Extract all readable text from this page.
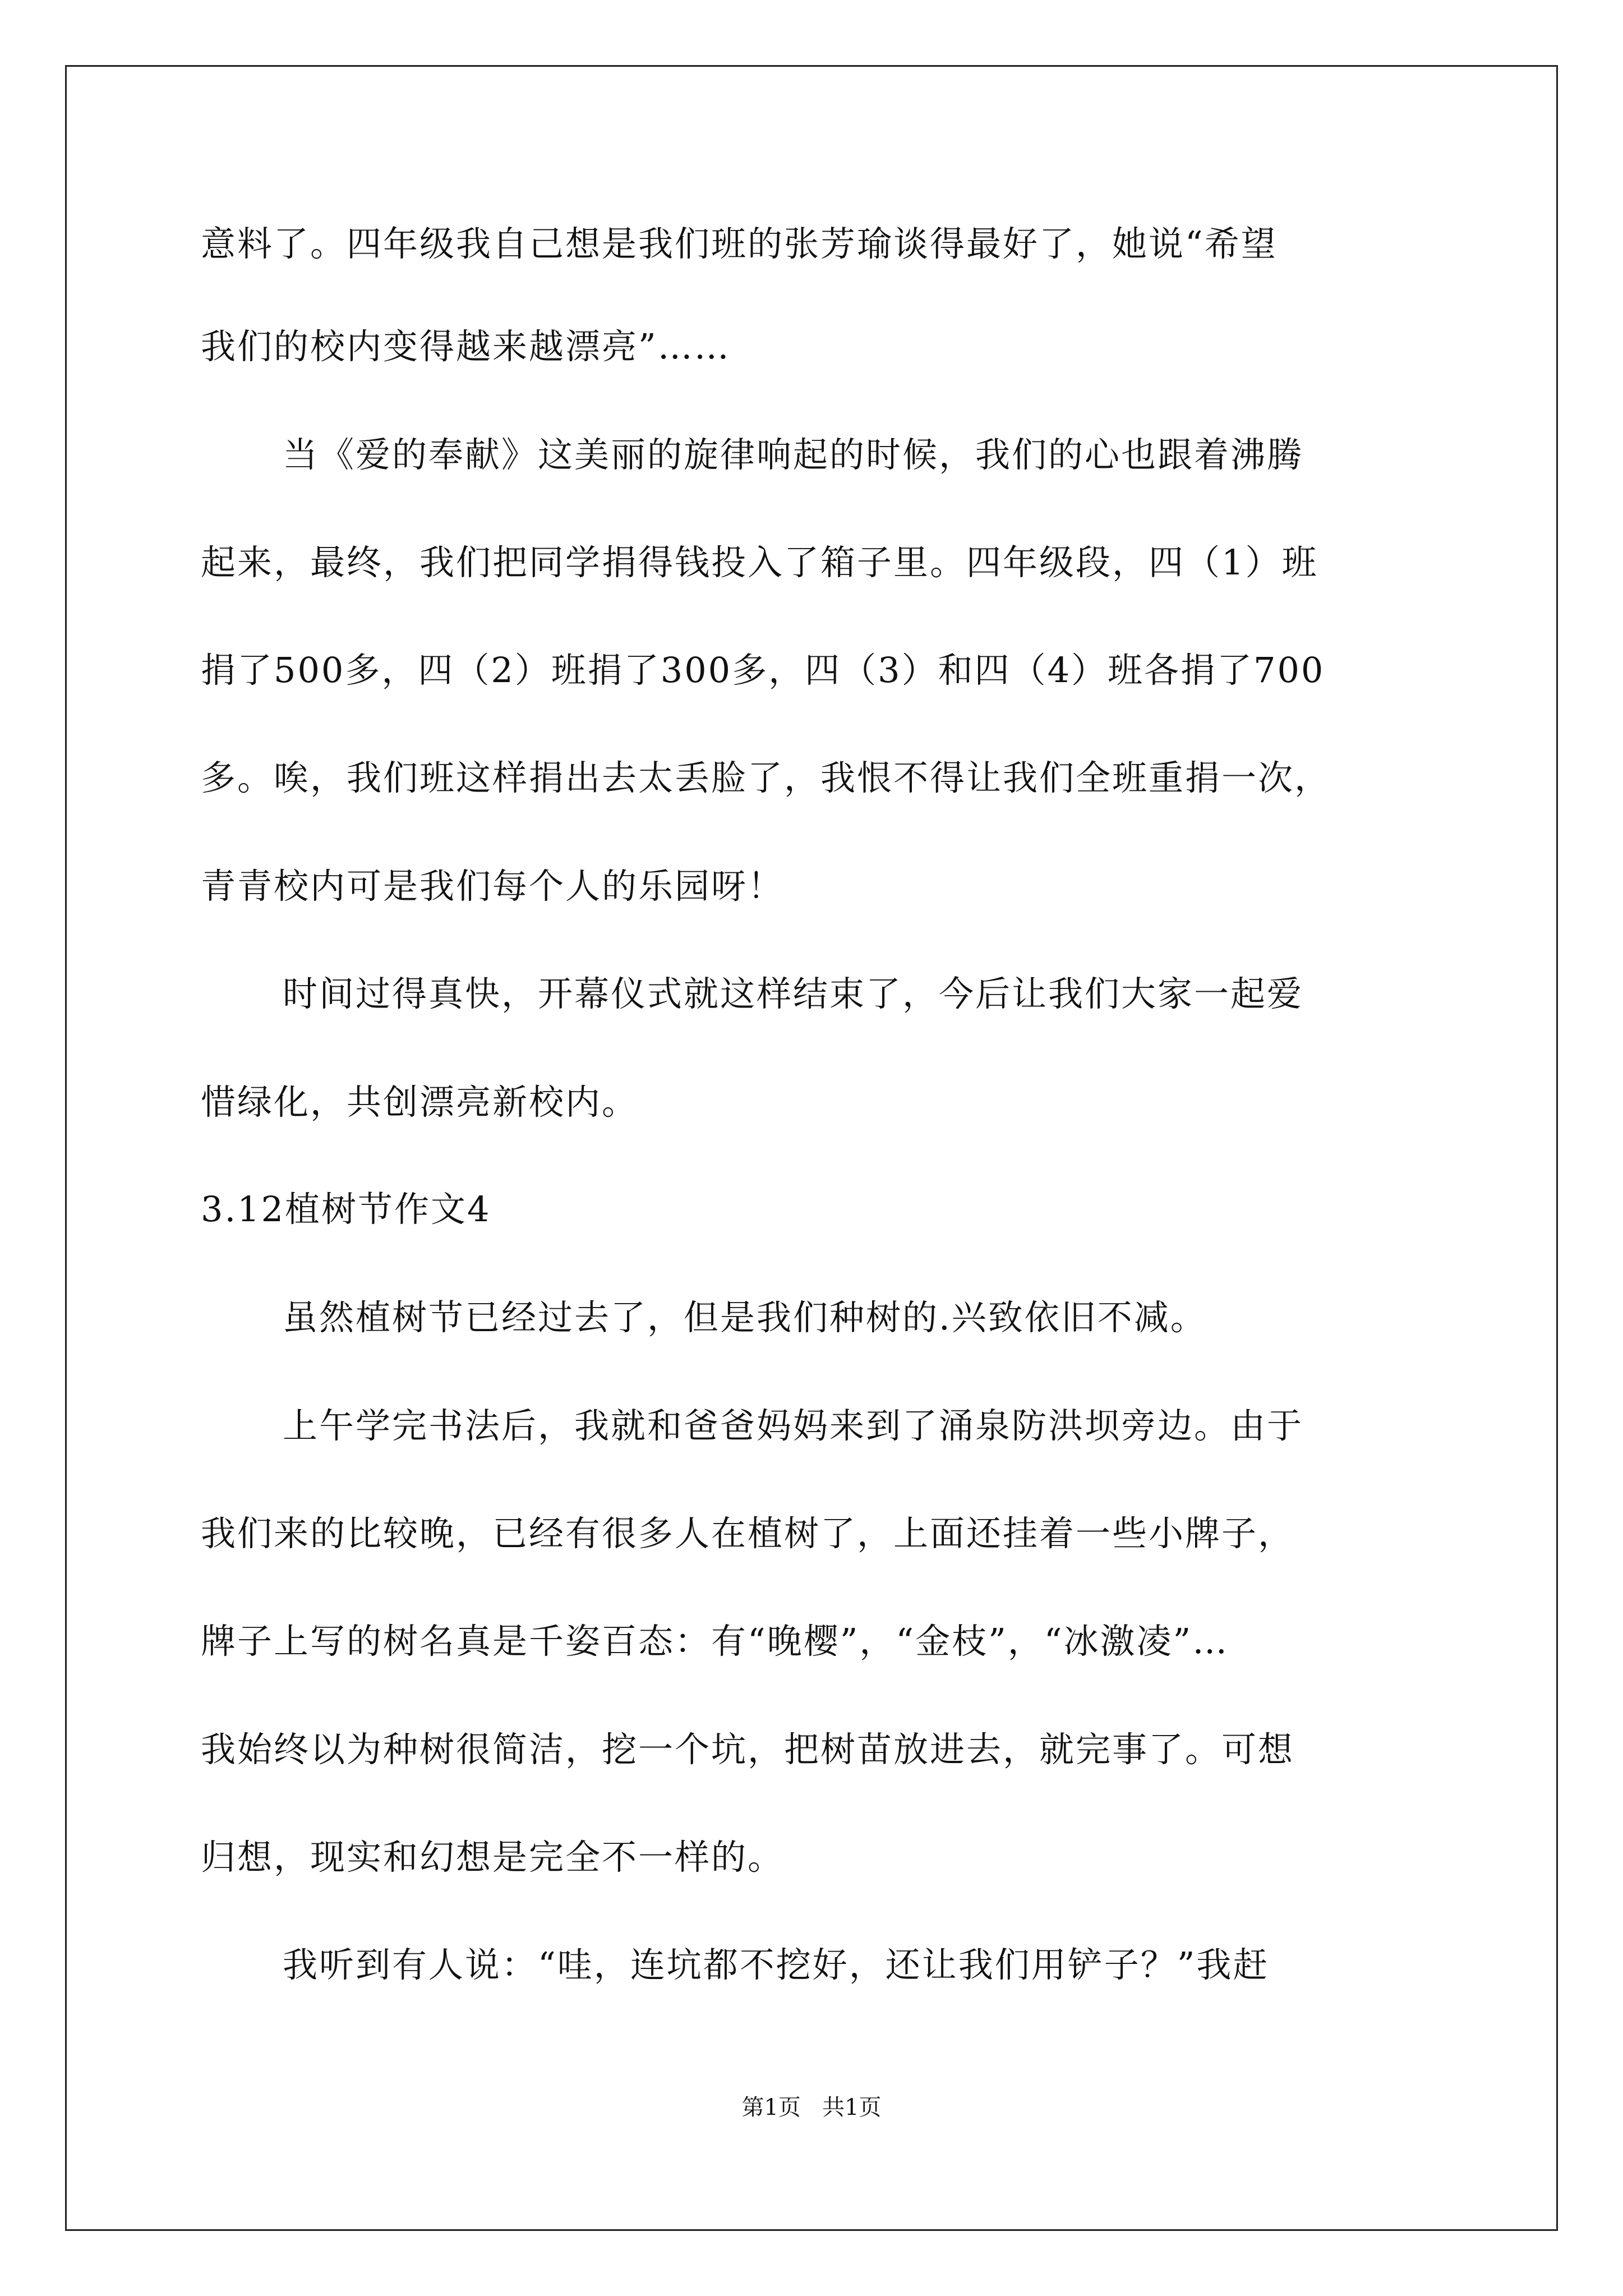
意料了。四年级我自己想是我们班的张芳瑜谈得最好了，她说“希望
我们的校内变得越来越漂亮”……
当《爱的奉献》这美丽的旋律响起的时候，我们的心也跟着沸腾
起来，最终，我们把同学捐得钱投入了箱子里。四年级段，四（1）班
捐了500多，四（2）班捐了300多，四（3）和四（4）班各捐了700
多。唉，我们班这样捐出去太丢脸了，我恨不得让我们全班重捐一次，
青青校内可是我们每个人的乐园呀！
时间过得真快，开幕仪式就这样结束了，今后让我们大家一起爱
惜绿化，共创漂亮新校内。
3.12植树节作文4
虽然植树节已经过去了，但是我们种树的.兴致依旧不减。
上午学完书法后，我就和爸爸妈妈来到了涌泉防洪坝旁边。由于
我们来的比较晚，已经有很多人在植树了，上面还挂着一些小牌子，
牌子上写的树名真是千姿百态：有“晚樱”，“金枝”，“冰激凌”…
我始终以为种树很简洁，挖一个坑，把树苗放进去，就完事了。可想
归想，现实和幻想是完全不一样的。
我听到有人说：“哇，连坑都不挖好，还让我们用铲子？”我赶
第1页   共1页
